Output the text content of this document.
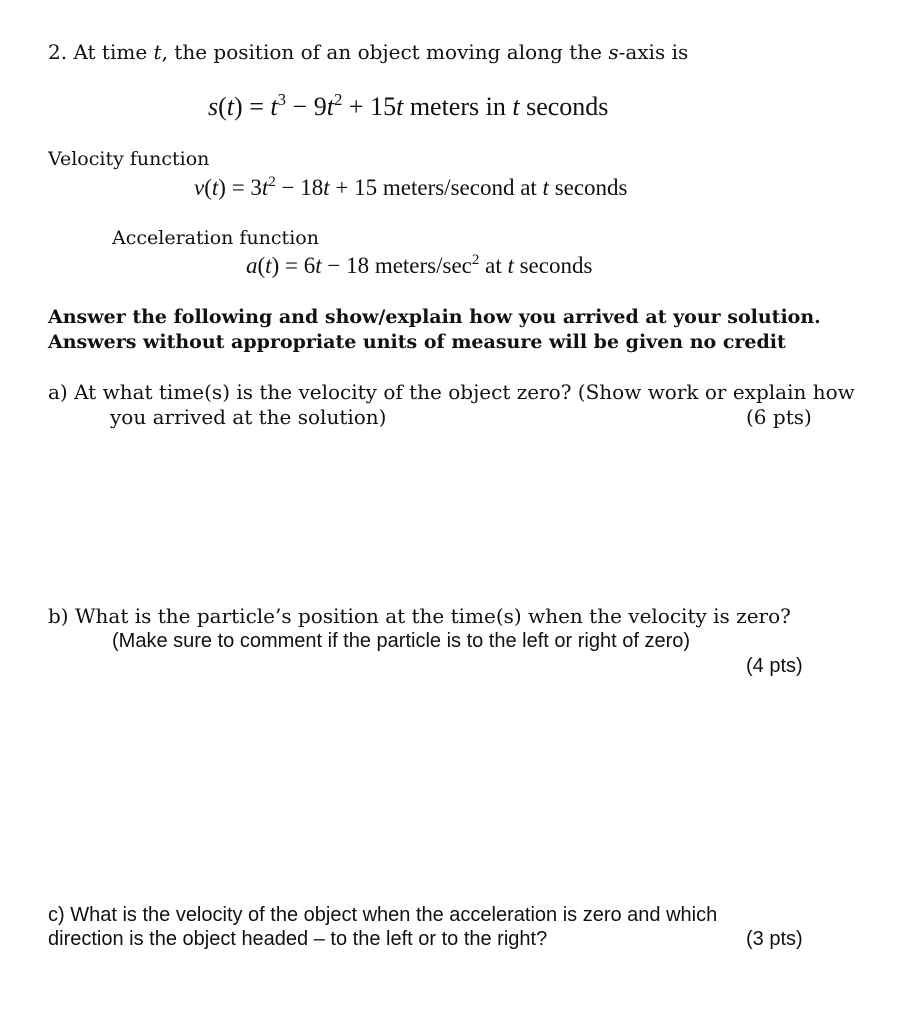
2. At time t, the position of an object moving along the s-axis is
$s(t) = t^3 - 9t^2 + 15t$ meters in t seconds
Velocity function
$v(t) = 3t^2 - 18t + 15$ meters/second at t seconds
Acceleration function
a(t) = 6t − 18 meters/$\sec^2$ at t seconds
Answer the following and show/explain how you arrived at your solution.
Answers without appropriate units of measure will be given no credit
a) At what time(s) is the velocity of the object zero? (Show work or explain how
you arrived at the solution)	(6 pts)
b) What is the particle’s position at the time(s) when the velocity is zero?
(Make sure to comment if the particle is to the left or right of zero)
(4 pts)
c) What is the velocity of the object when the acceleration is zero and which
direction is the object headed – to the left or to the right?	(3 pts)
